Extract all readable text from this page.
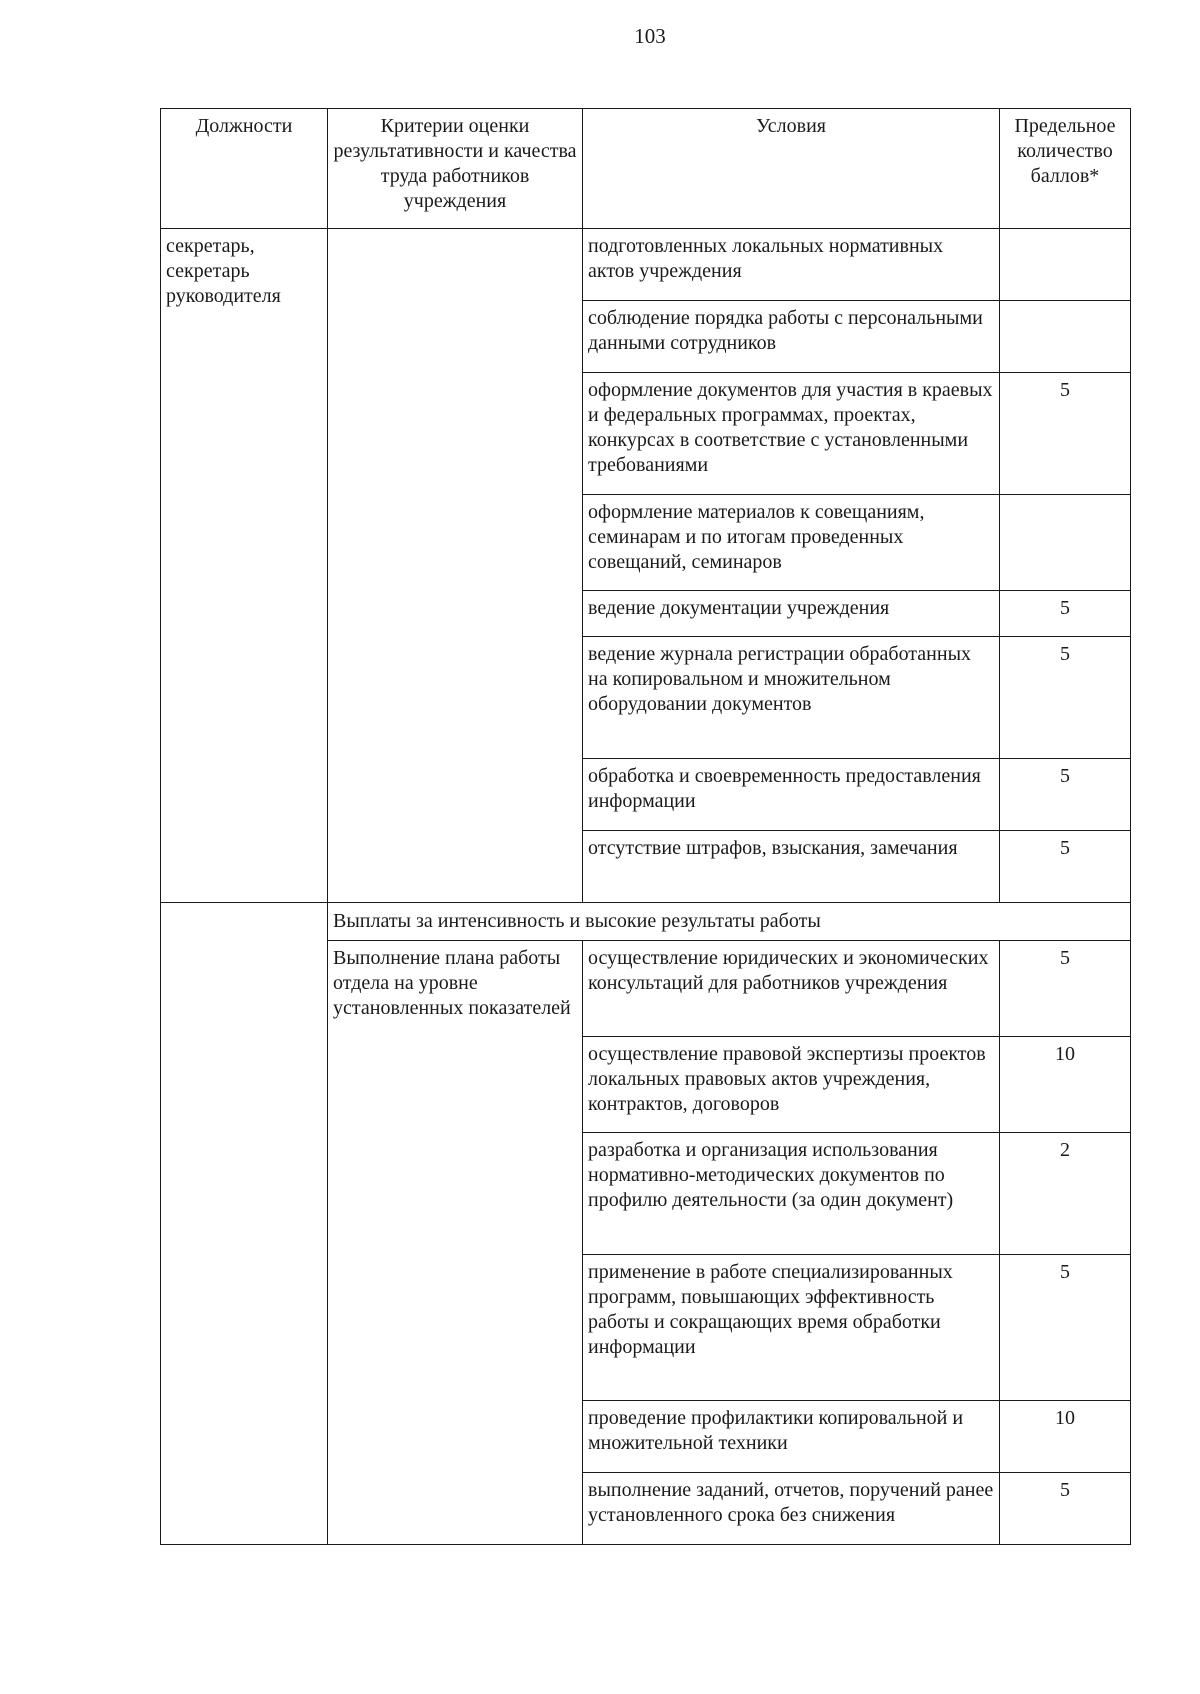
103
Должности	Критерии оценки результативности и качества труда работников учреждения	Условия	Предельное количество баллов*
секретарь, секретарь руководителя		подготовленных локальных нормативных актов учреждения	
		соблюдение порядка работы с персональными данными сотрудников	
		оформление документов для участия в краевых и федеральных программах, проектах, конкурсах в соответствие с установленными требованиями	5
		оформление материалов к совещаниям, семинарам и по итогам проведенных совещаний, семинаров	
		ведение документации учреждения	5
		ведение журнала регистрации обработанных на копировальном и множительном оборудовании документов	5
		обработка и своевременность предоставления информации	5
		отсутствие штрафов, взыскания, замечания	5
	Выплаты за интенсивность и высокие результаты работы		
	Выполнение плана работы отдела на уровне установленных показателей	осуществление юридических и экономических консультаций для работников учреждения	5
		осуществление правовой экспертизы проектов локальных правовых актов учреждения, контрактов, договоров	10
		разработка и организация использования нормативно-методических документов по профилю деятельности (за один документ)	2
		применение в работе специализированных программ, повышающих эффективность работы и сокращающих время обработки информации	5
		проведение профилактики копировальной и множительной техники	10
		выполнение заданий, отчетов, поручений ранее установленного срока без снижения	5
